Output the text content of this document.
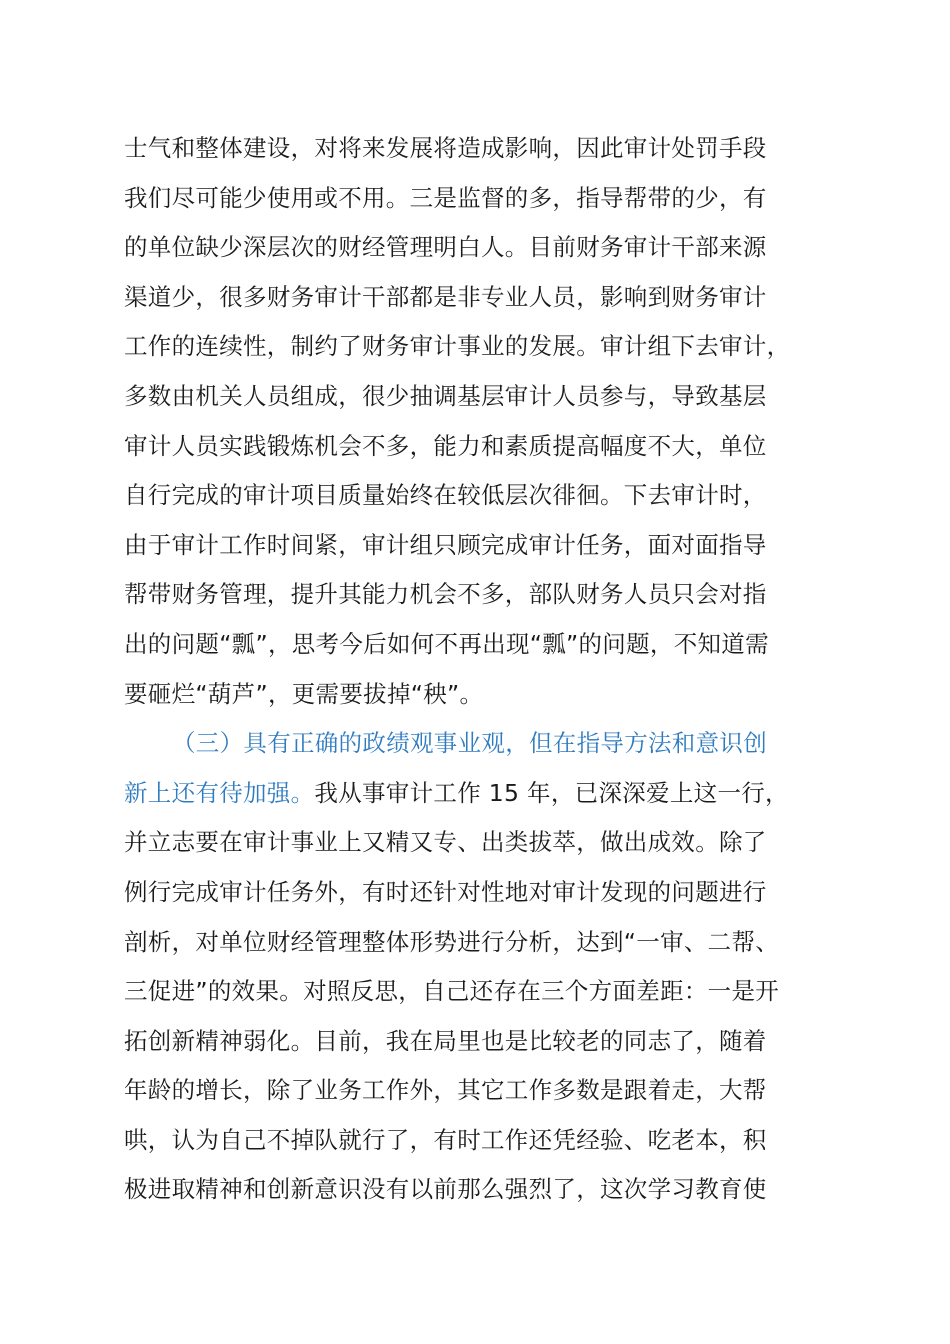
士气和整体建设，对将来发展将造成影响，因此审计处罚手段
我们尽可能少使用或不用。三是监督的多，指导帮带的少，有
的单位缺少深层次的财经管理明白人。目前财务审计干部来源
渠道少，很多财务审计干部都是非专业人员，影响到财务审计
工作的连续性，制约了财务审计事业的发展。审计组下去审计，
多数由机关人员组成，很少抽调基层审计人员参与，导致基层
审计人员实践锻炼机会不多，能力和素质提高幅度不大，单位
自行完成的审计项目质量始终在较低层次徘徊。下去审计时，
由于审计工作时间紧，审计组只顾完成审计任务，面对面指导
帮带财务管理，提升其能力机会不多，部队财务人员只会对指
出的问题“瓢”，思考今后如何不再出现“瓢”的问题，不知道需
要砸烂“葫芦”，更需要拔掉“秧”。
（三）具有正确的政绩观事业观，但在指导方法和意识创
新上还有待加强。我从事审计工作 15 年，已深深爱上这一行，
并立志要在审计事业上又精又专、出类拔萃，做出成效。除了
例行完成审计任务外，有时还针对性地对审计发现的问题进行
剖析，对单位财经管理整体形势进行分析，达到“一审、二帮、
三促进”的效果。对照反思，自己还存在三个方面差距：一是开
拓创新精神弱化。目前，我在局里也是比较老的同志了，随着
年龄的增长，除了业务工作外，其它工作多数是跟着走，大帮
哄，认为自己不掉队就行了，有时工作还凭经验、吃老本，积
极进取精神和创新意识没有以前那么强烈了，这次学习教育使
